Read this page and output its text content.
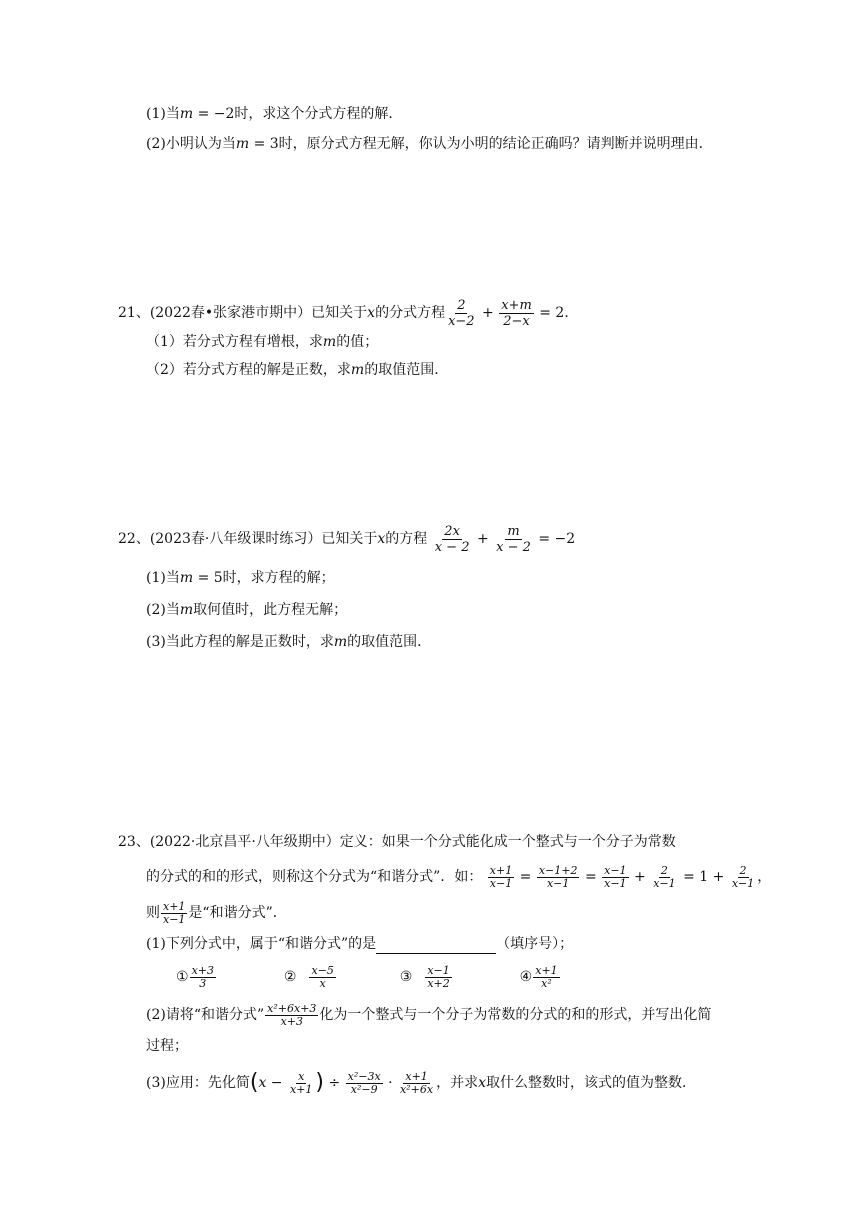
(1)当m = −2时，求这个分式方程的解．
(2)小明认为当m = 3时，原分式方程无解，你认为小明的结论正确吗？请判断并说明理由．
21、(2022春•张家港市期中）已知关于x的分式方程 $\frac{2}{x-2} + \frac{x+m}{2-x} = 2$．
（1）若分式方程有增根，求m的值；
（2）若分式方程的解是正数，求m的取值范围．
22、(2023春·八年级课时练习）已知关于x的方程 $\frac{2x}{x - 2} + \frac{m}{x - 2} = -2$
(1)当m = 5时，求方程的解；
(2)当m取何值时，此方程无解；
(3)当此方程的解是正数时，求m的取值范围．
23、(2022·北京昌平·八年级期中）定义：如果一个分式能化成一个整式与一个分子为常数
的分式的和的形式，则称这个分式为“和谐分式”．如： $\frac{x+1}{x-1} = \frac{x-1+2}{x-1} = \frac{x-1}{x-1} + \frac{2}{x-1} = 1 + \frac{2}{x-1}$ ，
则 $\frac{x+1}{x-1}$ 是“和谐分式”．
(1)下列分式中，属于“和谐分式”的是	（填序号）；
① $\frac{x+3}{3}$	② $\frac{x-5}{x}$	③ $\frac{x-1}{x+2}$	④ $\frac{x+1}{\text{x²}}$
(2)请将“和谐分式” $\frac{\text{x²+6x+3}}{x+3}$ 化为一个整式与一个分子为常数的分式的和的形式，并写出化简
过程；
(3)应用：先化简($x - \frac{x}{x+1}$ ) ÷ $\frac{\text{x²−3x}}{\text{x²−9}} \cdot \frac{x+1}{\text{x²+6x}}$ ，并求x取什么整数时，该式的值为整数．
